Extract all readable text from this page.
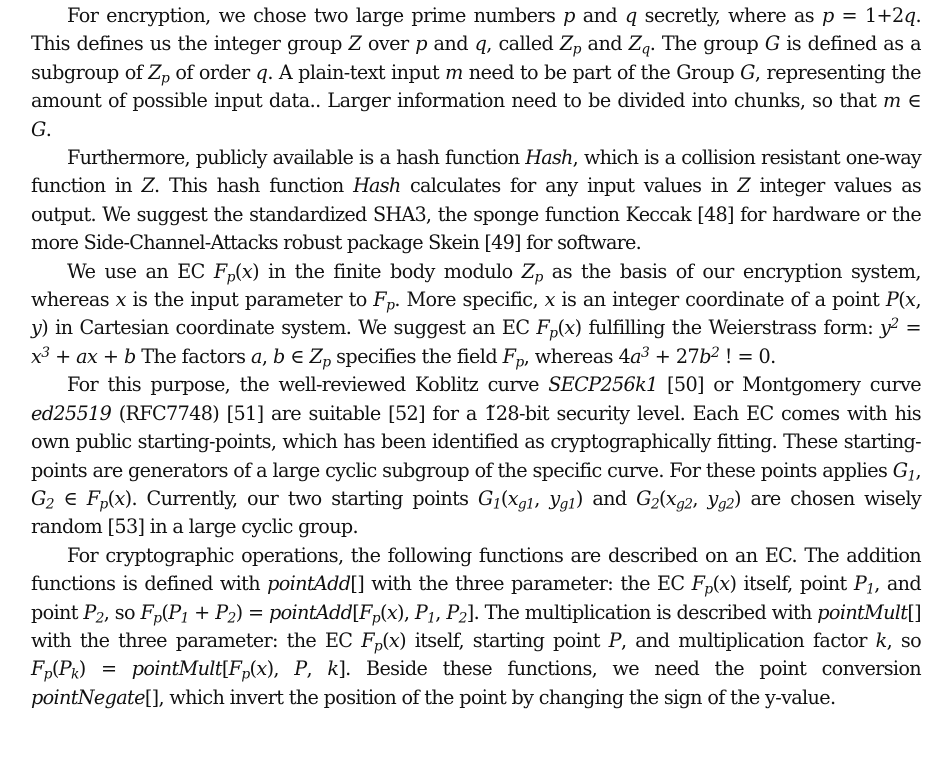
For encryption, we chose two large prime numbers p and q secretly, where as p = 1+2q. This defines us the integer group Z over p and q, called $Z_p$ and $Z_q$. The group G is defined as a subgroup of $Z_p$ of order q. A plain-text input m need to be part of the Group G, representing the amount of possible input data.. Larger information need to be divided into chunks, so that m ∈ G.

Furthermore, publicly available is a hash function Hash, which is a collision resistant one-way function in Z. This hash function Hash calculates for any input values in Z integer values as output. We suggest the standardized SHA3, the sponge function Keccak [48] for hardware or the more Side-Channel-Attacks robust package Skein [49] for software.

We use an EC $F_p(x)$ in the finite body modulo $Z_p$ as the basis of our encryption system, whereas x is the input parameter to $F_p$. More specific, x is an integer coordinate of a point P(x, y) in Cartesian coordinate system. We suggest an EC $F_p(x)$ fulfilling the Weierstrass form: $y^2 = x^3$ + ax + b The factors a, b ∈ $Z_p$ specifies the field $F_p$, whereas $4a^3 + 27b^2$ ! = 0.

For this purpose, the well-reviewed Koblitz curve SECP256k1 [50] or Montgomery curve ed25519 (RFC7748) [51] are suitable [52] for a 1̃28-bit security level. Each EC comes with his own public starting-points, which has been identified as cryptographically fitting. These starting-points are generators of a large cyclic subgroup of the specific curve. For these points applies $G_1$, $G_2$ ∈ $F_p(x)$. Currently, our two starting points $G_1(x_{g1}$, $y_{g1}$) and $G_2(x_{g2}$, $y_{g2}$) are chosen wisely random [53] in a large cyclic group.

For cryptographic operations, the following functions are described on an EC. The addition functions is defined with pointAdd[] with the three parameter: the EC $F_p(x)$ itself, point $P_1$, and point $P_2$, so $F_p(P_1 + P_2)$ = $pointAdd[F_p(x)$, $P_1$, $P_2$]. The multiplication is described with pointMult[] with the three parameter: the EC $F_p(x)$ itself, starting point P, and multiplication factor k, so $F_p(P_k)$ = $pointMult[F_p(x)$, P, k]. Beside these functions, we need the point conversion pointNegate[], which invert the position of the point by changing the sign of the y-value.
